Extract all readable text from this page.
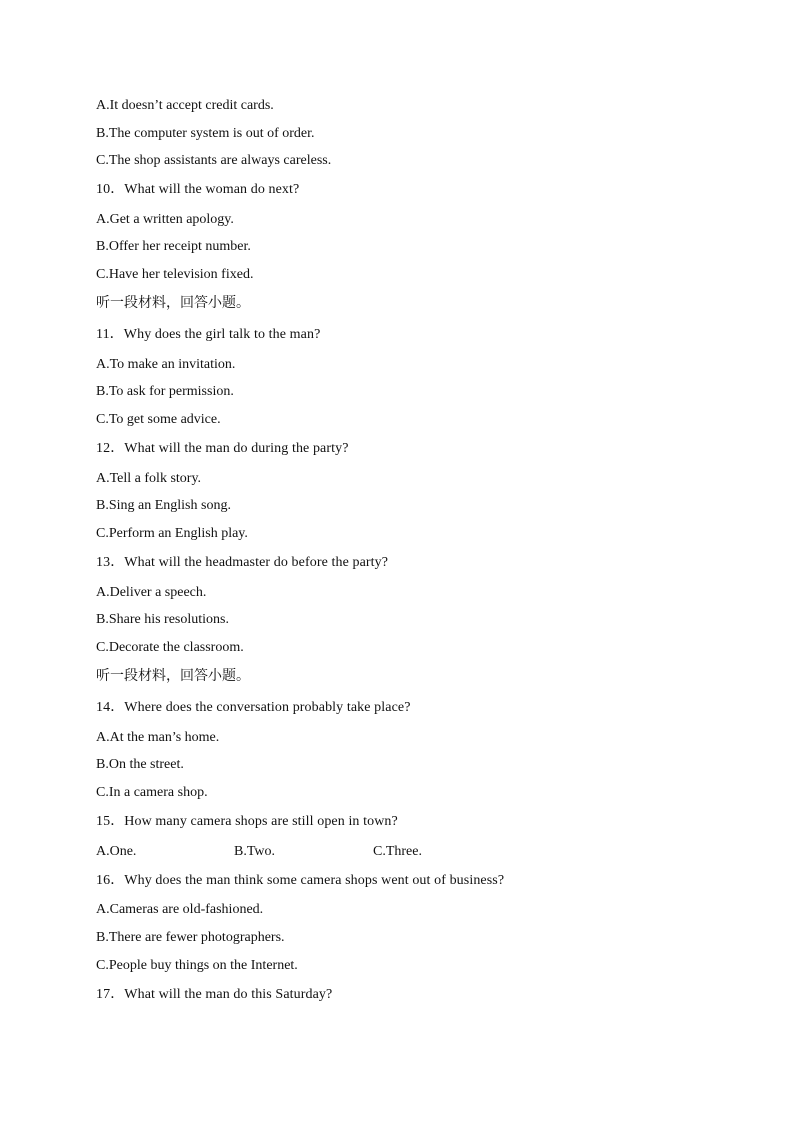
A.It doesn’t accept credit cards.
B.The computer system is out of order.
C.The shop assistants are always careless.
10．What will the woman do next?
A.Get a written apology.
B.Offer her receipt number.
C.Have her television fixed.
听一段材料，回答小题。
11．Why does the girl talk to the man?
A.To make an invitation.
B.To ask for permission.
C.To get some advice.
12．What will the man do during the party?
A.Tell a folk story.
B.Sing an English song.
C.Perform an English play.
13．What will the headmaster do before the party?
A.Deliver a speech.
B.Share his resolutions.
C.Decorate the classroom.
听一段材料，回答小题。
14．Where does the conversation probably take place?
A.At the man’s home.
B.On the street.
C.In a camera shop.
15．How many camera shops are still open in town?
A.One.	B.Two.	C.Three.
16．Why does the man think some camera shops went out of business?
A.Cameras are old-fashioned.
B.There are fewer photographers.
C.People buy things on the Internet.
17．What will the man do this Saturday?
